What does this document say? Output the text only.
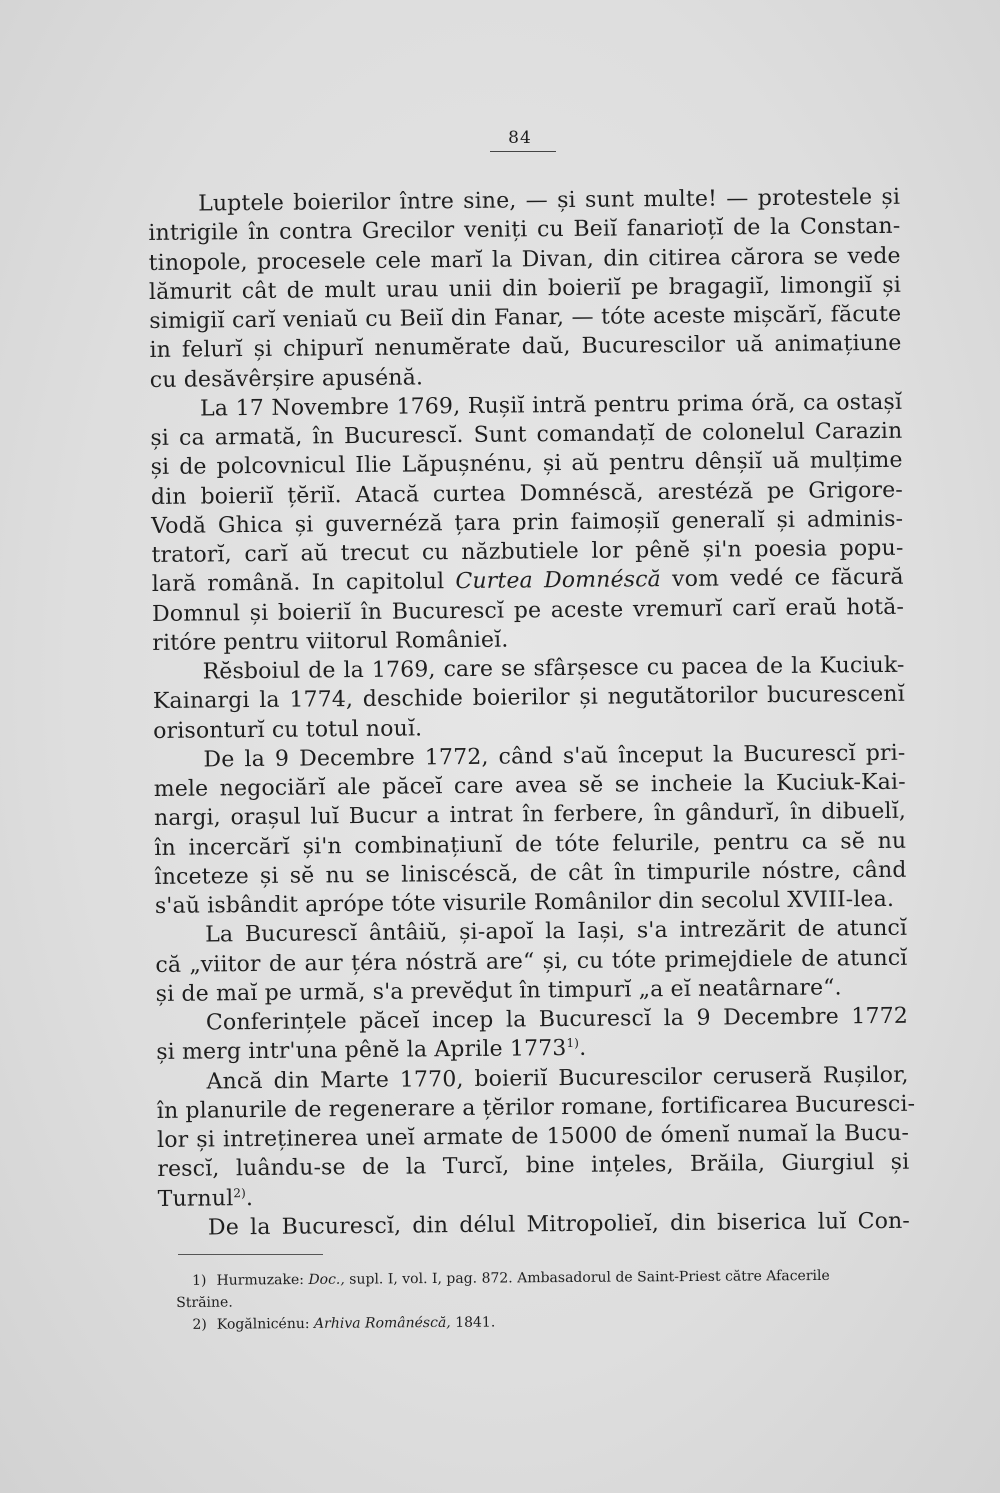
84
Luptele boierilor între sine, — și sunt multe! — protestele și
intrigile în contra Grecilor veniți cu Beiĭ fanarioțĭ de la Constan-
tinopole, procesele cele marĭ la Divan, din citirea cărora se vede
lămurit cât de mult urau unii din boieriĭ pe bragagiĭ, limongiĭ și
simigiĭ carĭ veniaŭ cu Beiĭ din Fanar, — tóte aceste mișcărĭ, făcute
in felurĭ și chipurĭ nenumĕrate daŭ, Bucurescilor uă animațiune
cu desăvêrșire apusénă.
La 17 Novembre 1769, Rușiĭ intră pentru prima óră, ca ostașĭ
și ca armată, în Bucurescĭ. Sunt comandațĭ de colonelul Carazin
și de polcovnicul Ilie Lăpușnénu, și aŭ pentru dênșiĭ uă mulțime
din boieriĭ țĕriĭ. Atacă curtea Domnéscă, arestéză pe Grigore-
Vodă Ghica și guvernéză țara prin faimoșiĭ generalĭ și adminis-
tratorĭ, carĭ aŭ trecut cu năzbutiele lor pênĕ și'n poesia popu-
lară română. In capitolul Curtea Domnéscă vom vedé ce făcură
Domnul și boieriĭ în Bucurescĭ pe aceste vremurĭ carĭ eraŭ hotă-
ritóre pentru viitorul Românieĭ.
Rĕsboiul de la 1769, care se sfârșesce cu pacea de la Kuciuk-
Kainargi la 1774, deschide boierilor și negutătorilor bucurescenĭ
orisonturĭ cu totul nouĭ.
De la 9 Decembre 1772, când s'aŭ început la Bucurescĭ pri-
mele negociărĭ ale păceĭ care avea sĕ se incheie la Kuciuk-Kai-
nargi, orașul luĭ Bucur a intrat în ferbere, în gândurĭ, în dibuelĭ,
în incercărĭ și'n combinațiunĭ de tóte felurile, pentru ca sĕ nu
înceteze și sĕ nu se liniscéscă, de cât în timpurile nóstre, când
s'aŭ isbândit aprópe tóte visurile Românilor din secolul XVIII-lea.
La Bucurescĭ ântâiŭ, și-apoĭ la Iași, s'a intrezărit de atuncĭ
că „viitor de aur țéra nóstră are“ și, cu tóte primejdiele de atuncĭ
și de maĭ pe urmă, s'a prevĕḑut în timpurĭ „a eĭ neatârnare“.
Conferințele păceĭ incep la Bucurescĭ la 9 Decembre 1772
și merg intr'una pênĕ la Aprile 1773$^{1)}$.
Ancă din Marte 1770, boieriĭ Bucurescilor ceruseră Rușilor,
în planurile de regenerare a țĕrilor romane, fortificarea Bucuresci-
lor și intreținerea uneĭ armate de 15000 de ómenĭ numaĭ la Bucu-
rescĭ, luându-se de la Turcĭ, bine ințeles, Brăila, Giurgiul și
Turnul$^{2)}$.
De la Bucurescĭ, din délul Mitropolieĭ, din biserica luĭ Con-
1) Hurmuzake: Doc., supl. I, vol. I, pag. 872. Ambasadorul de Saint-Priest către Afacerile
Străine.
2) Kogălnicénu: Arhiva Românéscă, 1841.
